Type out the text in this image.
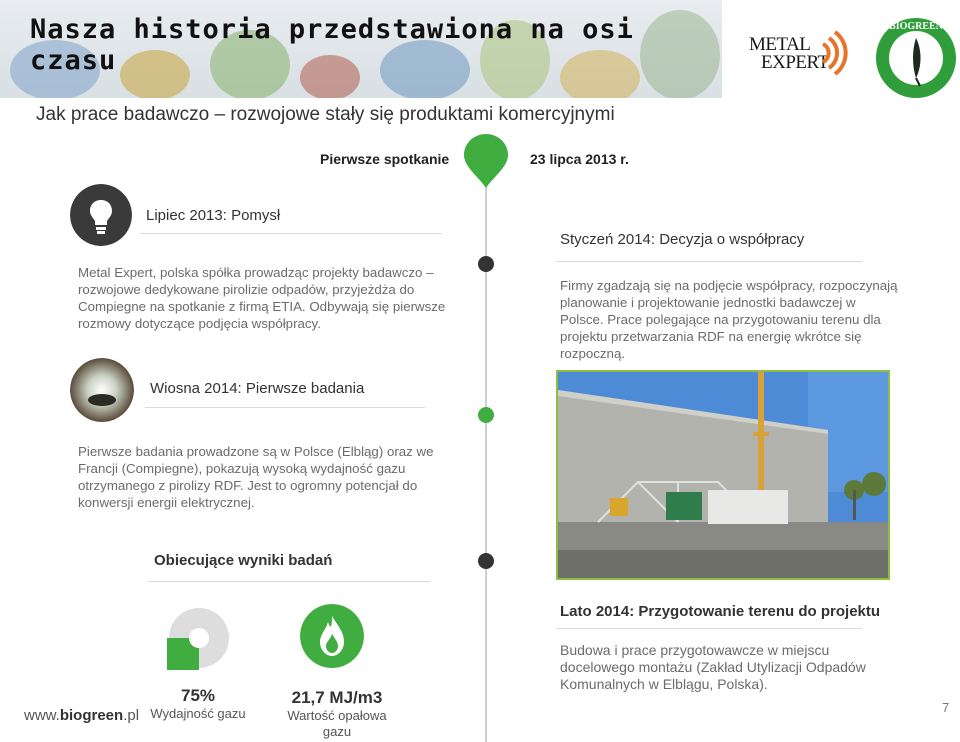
Nasza historia przedstawiona na osi czasu
METAL
EXPERT
BIOGREEN
Jak prace badawczo – rozwojowe stały się produktami komercyjnymi
Pierwsze spotkanie	23 lipca 2013 r.
Lipiec 2013: Pomysł
Metal Expert, polska spółka prowadząc projekty badawczo – rozwojowe dedykowane pirolizie odpadów, przyjeżdża do Compiegne na spotkanie z firmą ETIA. Odbywają się pierwsze rozmowy dotyczące podjęcia współpracy.
Styczeń 2014: Decyzja o współpracy
Firmy zgadzają się na podjęcie współpracy, rozpoczynają planowanie i projektowanie jednostki badawczej w Polsce. Prace polegające na przygotowaniu terenu dla projektu przetwarzania RDF na energię wkrótce się rozpoczną.
Wiosna 2014: Pierwsze badania
Pierwsze badania prowadzone są w Polsce (Elbląg) oraz we Francji (Compiegne), pokazują wysoką wydajność gazu otrzymanego z pirolizy RDF. Jest to ogromny potencjał do konwersji energii elektrycznej.
Obiecujące wyniki badań
Lato 2014: Przygotowanie terenu do projektu
Budowa i prace przygotowawcze w miejscu docelowego montażu (Zakład Utylizacji Odpadów Komunalnych w Elblągu, Polska).
75%
Wydajność gazu
21,7 MJ/m3
Wartość opałowa gazu
www.biogreen.pl	7
